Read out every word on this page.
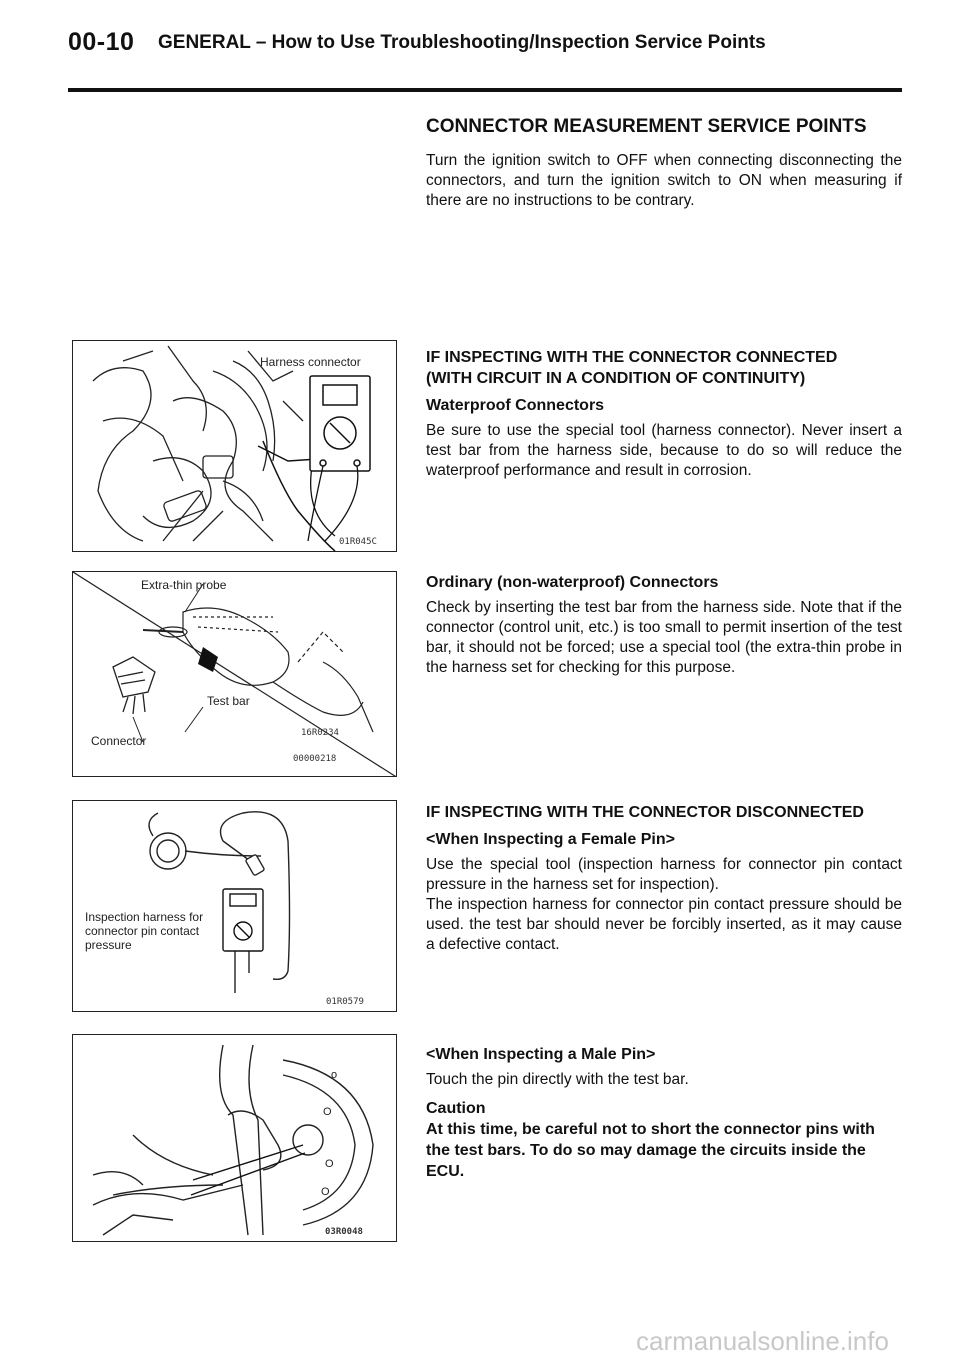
00-10 GENERAL – How to Use Troubleshooting/Inspection Service Points
Harness connector
01R045C
Extra-thin probe
Test bar
Connector
16R0234
00000218
Inspection harness for connector pin contact pressure
01R0579
o
O
O
O
03R0048
CONNECTOR MEASUREMENT SERVICE POINTS
Turn the ignition switch to OFF when connecting disconnecting the connectors, and turn the ignition switch to ON when measuring if there are no instructions to be contrary.
IF INSPECTING WITH THE CONNECTOR CONNECTED
(WITH CIRCUIT IN A CONDITION OF CONTINUITY)
Waterproof Connectors
Be sure to use the special tool (harness connector). Never insert a test bar from the harness side, because to do so will reduce the waterproof performance and result in corrosion.
Ordinary (non-waterproof) Connectors
Check by inserting the test bar from the harness side. Note that if the connector (control unit, etc.) is too small to permit insertion of the test bar, it should not be forced; use a special tool (the extra-thin probe in the harness set for checking for this purpose.
IF INSPECTING WITH THE CONNECTOR DISCONNECTED
<When Inspecting a Female Pin>
Use the special tool (inspection harness for connector pin contact pressure in the harness set for inspection).
The inspection harness for connector pin contact pressure should be used. the test bar should never be forcibly inserted, as it may cause a defective contact.
<When Inspecting a Male Pin>
Touch the pin directly with the test bar.
Caution
At this time, be careful not to short the connector pins with the test bars. To do so may damage the circuits inside the ECU.
carmanualsonline.info
